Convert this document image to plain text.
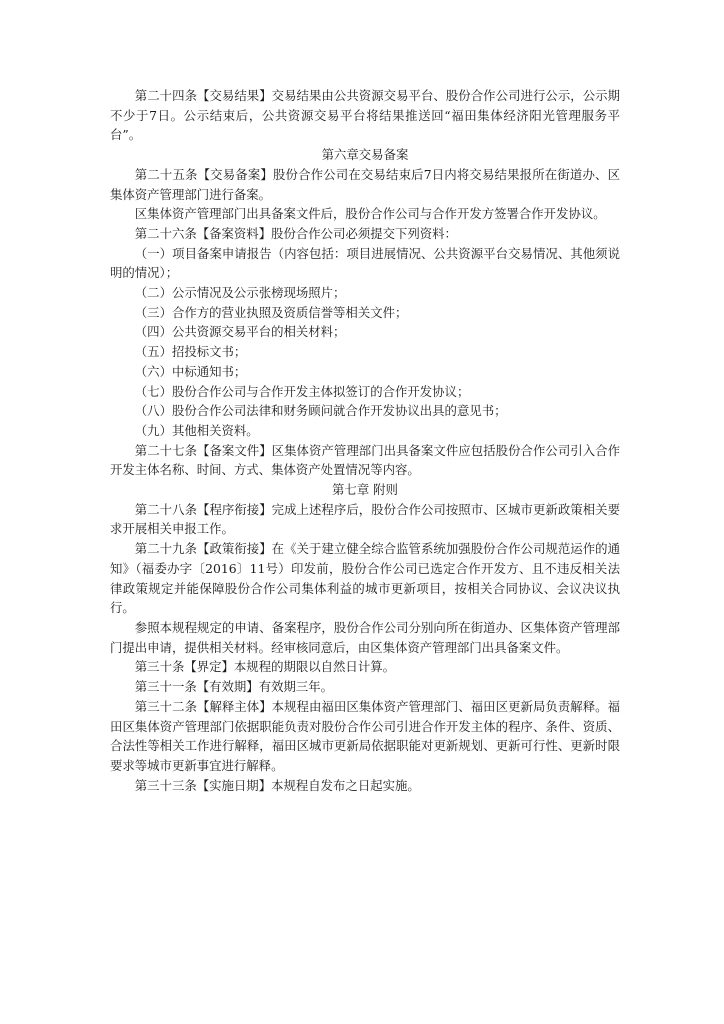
第二十四条【交易结果】交易结果由公共资源交易平台、股份合作公司进行公示，公示期不少于7日。公示结束后，公共资源交易平台将结果推送回“福田集体经济阳光管理服务平台”。

第六章交易备案

第二十五条【交易备案】股份合作公司在交易结束后7日内将交易结果报所在街道办、区集体资产管理部门进行备案。

区集体资产管理部门出具备案文件后，股份合作公司与合作开发方签署合作开发协议。

第二十六条【备案资料】股份合作公司必须提交下列资料：

（一）项目备案申请报告（内容包括：项目进展情况、公共资源平台交易情况、其他须说明的情况）；

（二）公示情况及公示张榜现场照片；

（三）合作方的营业执照及资质信誉等相关文件；

（四）公共资源交易平台的相关材料；

（五）招投标文书；

（六）中标通知书；

（七）股份合作公司与合作开发主体拟签订的合作开发协议；

（八）股份合作公司法律和财务顾问就合作开发协议出具的意见书；

（九）其他相关资料。

第二十七条【备案文件】区集体资产管理部门出具备案文件应包括股份合作公司引入合作开发主体名称、时间、方式、集体资产处置情况等内容。

第七章 附则

第二十八条【程序衔接】完成上述程序后，股份合作公司按照市、区城市更新政策相关要求开展相关申报工作。

第二十九条【政策衔接】在《关于建立健全综合监管系统加强股份合作公司规范运作的通知》（福委办字〔2016〕11号）印发前，股份合作公司已选定合作开发方、且不违反相关法律政策规定并能保障股份合作公司集体利益的城市更新项目，按相关合同协议、会议决议执行。

参照本规程规定的申请、备案程序，股份合作公司分别向所在街道办、区集体资产管理部门提出申请，提供相关材料。经审核同意后，由区集体资产管理部门出具备案文件。

第三十条【界定】本规程的期限以自然日计算。

第三十一条【有效期】有效期三年。

第三十二条【解释主体】本规程由福田区集体资产管理部门、福田区更新局负责解释。福田区集体资产管理部门依据职能负责对股份合作公司引进合作开发主体的程序、条件、资质、合法性等相关工作进行解释，福田区城市更新局依据职能对更新规划、更新可行性、更新时限要求等城市更新事宜进行解释。

第三十三条【实施日期】本规程自发布之日起实施。
